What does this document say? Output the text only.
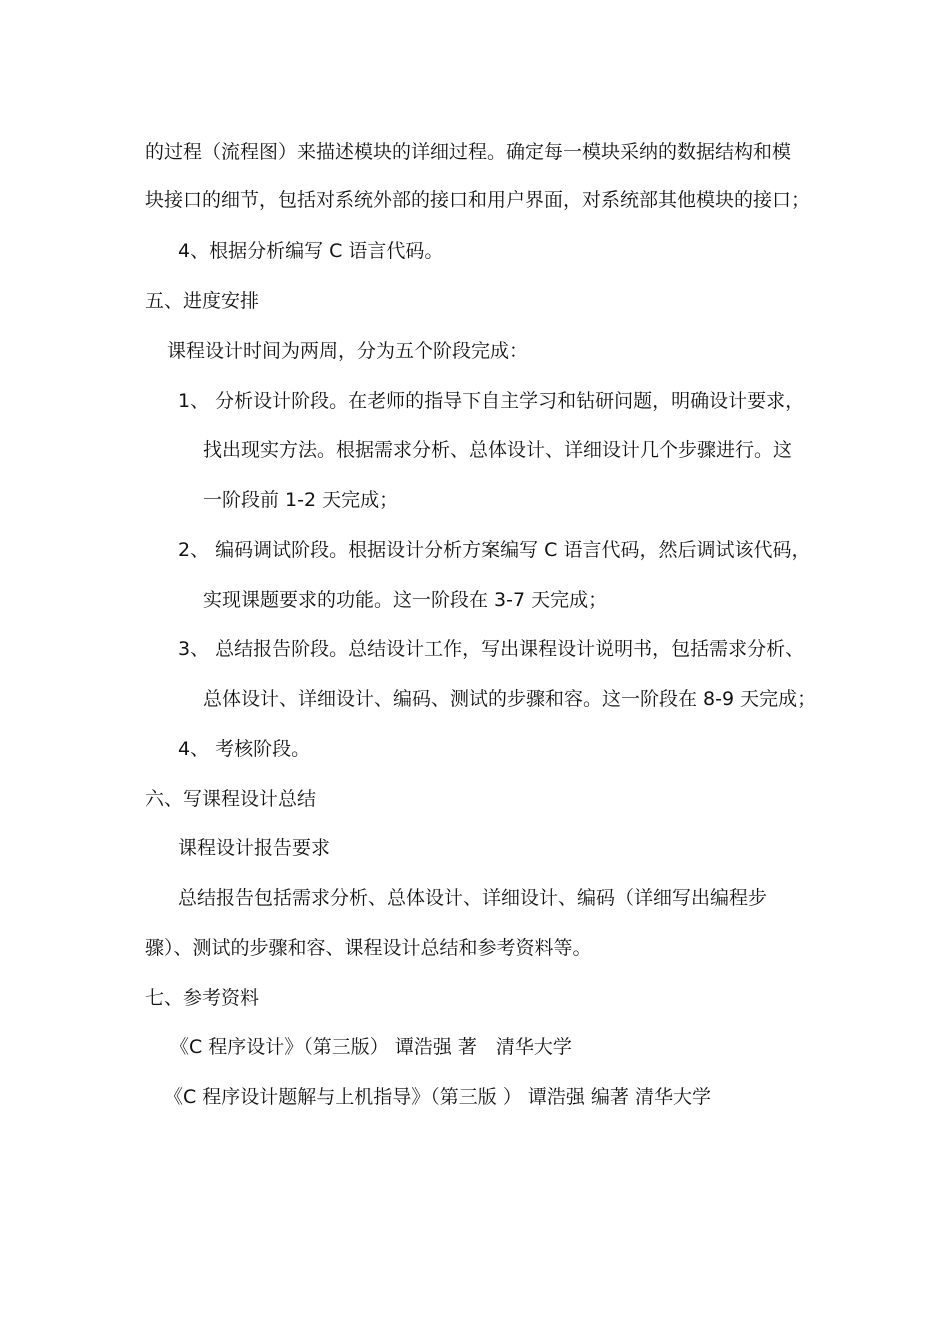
的过程（流程图）来描述模块的详细过程。确定每一模块采纳的数据结构和模
块接口的细节，包括对系统外部的接口和用户界面，对系统部其他模块的接口；
4、根据分析编写 C 语言代码。
五、进度安排
课程设计时间为两周，分为五个阶段完成：
1、 分析设计阶段。在老师的指导下自主学习和钻研问题，明确设计要求，
找出现实方法。根据需求分析、总体设计、详细设计几个步骤进行。这
一阶段前 1-2 天完成；
2、 编码调试阶段。根据设计分析方案编写 C 语言代码，然后调试该代码，
实现课题要求的功能。这一阶段在 3-7 天完成；
3、 总结报告阶段。总结设计工作，写出课程设计说明书，包括需求分析、
总体设计、详细设计、编码、测试的步骤和容。这一阶段在 8-9 天完成；
4、 考核阶段。
六、写课程设计总结
课程设计报告要求
总结报告包括需求分析、总体设计、详细设计、编码（详细写出编程步
骤）、测试的步骤和容、课程设计总结和参考资料等。
七、参考资料
《C 程序设计》（第三版） 谭浩强 著　清华大学
《C 程序设计题解与上机指导》（第三版 ） 谭浩强 编著 清华大学
